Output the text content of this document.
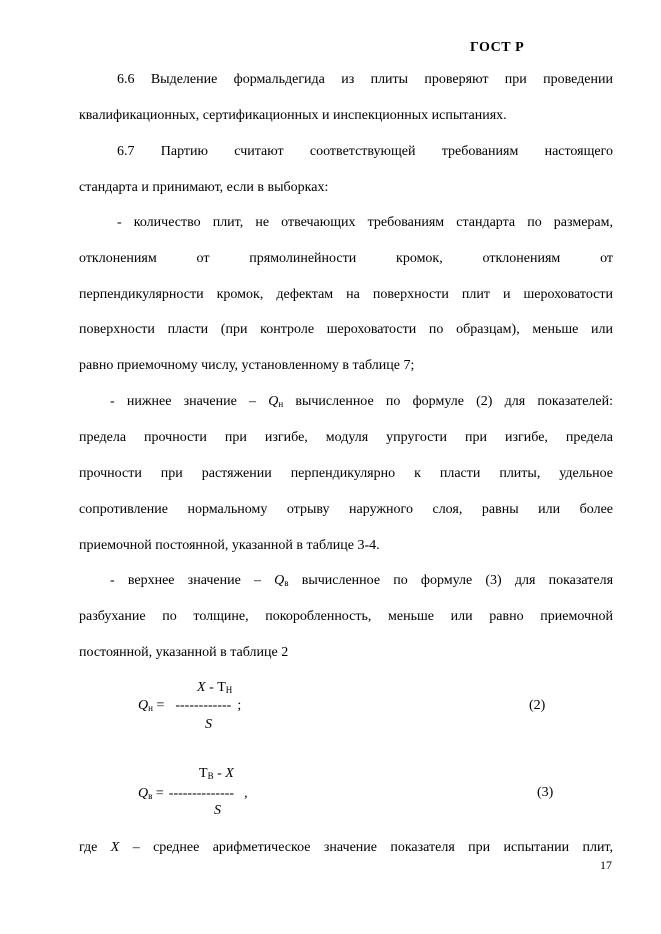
ГОСТ Р
6.6 Выделение формальдегида из плиты проверяют при проведении
квалификационных, сертификационных и инспекционных испытаниях.
6.7 Партию считают соответствующей требованиям настоящего
стандарта и принимают, если в выборках:
- количество плит, не отвечающих требованиям стандарта по размерам,
отклонениям от прямолинейности кромок, отклонениям от
перпендикулярности кромок, дефектам на поверхности плит и шероховатости
поверхности пласти (при контроле шероховатости по образцам), меньше или
равно приемочному числу, установленному в таблице 7;
- нижнее значение – $Q_н$ вычисленное по формуле (2) для показателей:
предела прочности при изгибе, модуля упругости при изгибе, предела
прочности при растяжении перпендикулярно к пласти плиты, удельное
сопротивление нормальному отрыву наружного слоя, равны или более
приемочной постоянной, указанной в таблице 3-4.
- верхнее значение – $Q_в$ вычисленное по формуле (3) для показателя
разбухание по толщине, покоробленность, меньше или равно приемочной
постоянной, указанной в таблице 2
X - $Т_Н$
$Q_н$ = ------------ ;
S
(2)
$Т_В$ - X
$Q_в$ = -------------- ,
S
(3)
где X – среднее арифметическое значение показателя при испытании плит,
17
